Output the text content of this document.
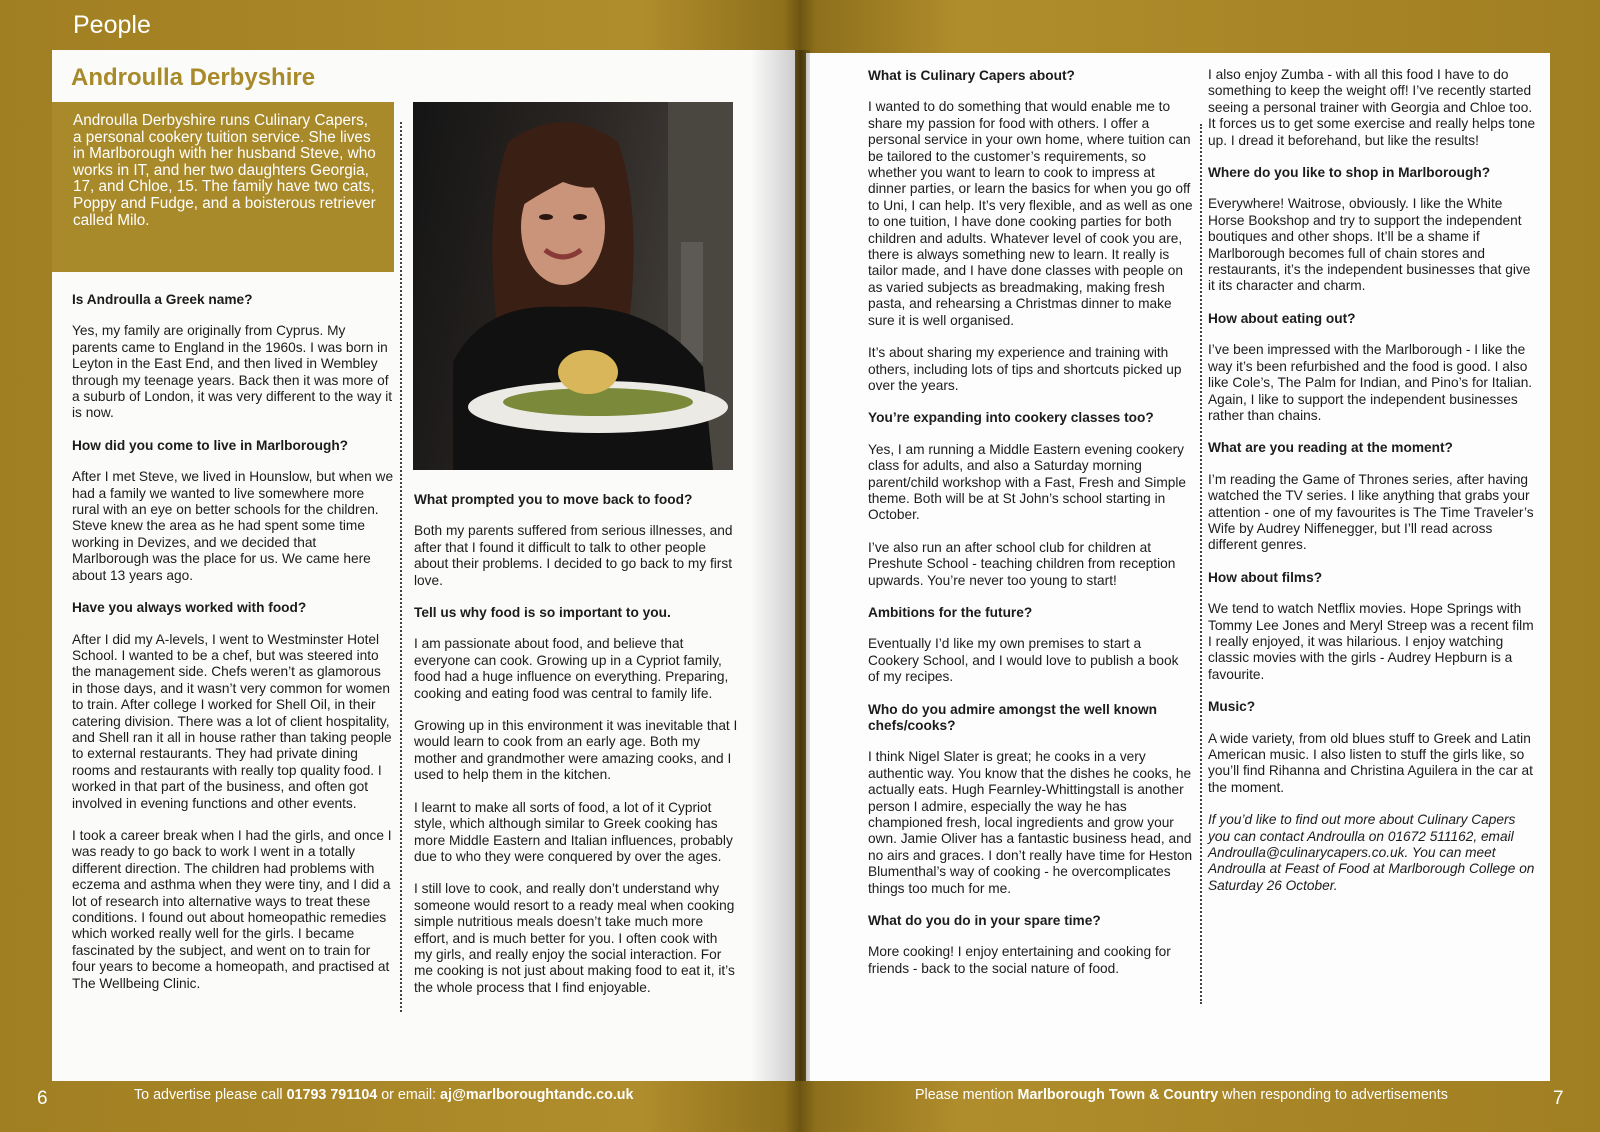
People
Androulla Derbyshire
Androulla Derbyshire runs Culinary Capers, a personal cookery tuition service. She lives in Marlborough with her husband Steve, who works in IT, and her two daughters Georgia, 17, and Chloe, 15. The family have two cats, Poppy and Fudge, and a boisterous retriever called Milo.
Is Androulla a Greek name?

Yes, my family are originally from Cyprus. My parents came to England in the 1960s. I was born in Leyton in the East End, and then lived in Wembley through my teenage years. Back then it was more of a suburb of London, it was very different to the way it is now.

How did you come to live in Marlborough?

After I met Steve, we lived in Hounslow, but when we had a family we wanted to live somewhere more rural with an eye on better schools for the children. Steve knew the area as he had spent some time working in Devizes, and we decided that Marlborough was the place for us. We came here about 13 years ago.

Have you always worked with food?

After I did my A-levels, I went to Westminster Hotel School. I wanted to be a chef, but was steered into the management side. Chefs weren’t as glamorous in those days, and it wasn’t very common for women to train. After college I worked for Shell Oil, in their catering division. There was a lot of client hospitality, and Shell ran it all in house rather than taking people to external restaurants. They had private dining rooms and restaurants with really top quality food. I worked in that part of the business, and often got involved in evening functions and other events.

I took a career break when I had the girls, and once I was ready to go back to work I went in a totally different direction. The children had problems with eczema and asthma when they were tiny, and I did a lot of research into alternative ways to treat these conditions. I found out about homeopathic remedies which worked really well for the girls. I became fascinated by the subject, and went on to train for four years to become a homeopath, and practised at The Wellbeing Clinic.

What prompted you to move back to food?

Both my parents suffered from serious illnesses, and after that I found it difficult to talk to other people about their problems. I decided to go back to my first love.

Tell us why food is so important to you.

I am passionate about food, and believe that everyone can cook. Growing up in a Cypriot family, food had a huge influence on everything. Preparing, cooking and eating food was central to family life.

Growing up in this environment it was inevitable that I would learn to cook from an early age. Both my mother and grandmother were amazing cooks, and I used to help them in the kitchen.

I learnt to make all sorts of food, a lot of it Cypriot style, which although similar to Greek cooking has more Middle Eastern and Italian influences, probably due to who they were conquered by over the ages.

I still love to cook, and really don’t understand why someone would resort to a ready meal when cooking simple nutritious meals doesn’t take much more effort, and is much better for you. I often cook with my girls, and really enjoy the social interaction. For me cooking is not just about making food to eat it, it’s the whole process that I find enjoyable.

What is Culinary Capers about?

I wanted to do something that would enable me to share my passion for food with others. I offer a personal service in your own home, where tuition can be tailored to the customer’s requirements, so whether you want to learn to cook to impress at dinner parties, or learn the basics for when you go off to Uni, I can help. It’s very flexible, and as well as one to one tuition, I have done cooking parties for both children and adults. Whatever level of cook you are, there is always something new to learn. It really is tailor made, and I have done classes with people on as varied subjects as breadmaking, making fresh pasta, and rehearsing a Christmas dinner to make sure it is well organised.

It’s about sharing my experience and training with others, including lots of tips and shortcuts picked up over the years.

You’re expanding into cookery classes too?

Yes, I am running a Middle Eastern evening cookery class for adults, and also a Saturday morning parent/child workshop with a Fast, Fresh and Simple theme. Both will be at St John’s school starting in October.

I’ve also run an after school club for children at Preshute School - teaching children from reception upwards. You’re never too young to start!

Ambitions for the future?

Eventually I’d like my own premises to start a Cookery School, and I would love to publish a book of my recipes.

Who do you admire amongst the well known chefs/cooks?

I think Nigel Slater is great; he cooks in a very authentic way. You know that the dishes he cooks, he actually eats. Hugh Fearnley-Whittingstall is another person I admire, especially the way he has championed fresh, local ingredients and grow your own. Jamie Oliver has a fantastic business head, and no airs and graces. I don’t really have time for Heston Blumenthal’s way of cooking - he overcomplicates things too much for me.

What do you do in your spare time?

More cooking! I enjoy entertaining and cooking for friends - back to the social nature of food.

I also enjoy Zumba - with all this food I have to do something to keep the weight off! I’ve recently started seeing a personal trainer with Georgia and Chloe too. It forces us to get some exercise and really helps tone up. I dread it beforehand, but like the results!

Where do you like to shop in Marlborough?

Everywhere! Waitrose, obviously. I like the White Horse Bookshop and try to support the independent boutiques and other shops. It’ll be a shame if Marlborough becomes full of chain stores and restaurants, it’s the independent businesses that give it its character and charm.

How about eating out?

I’ve been impressed with the Marlborough - I like the way it’s been refurbished and the food is good. I also like Cole’s, The Palm for Indian, and Pino’s for Italian. Again, I like to support the independent businesses rather than chains.

What are you reading at the moment?

I’m reading the Game of Thrones series, after having watched the TV series. I like anything that grabs your attention - one of my favourites is The Time Traveler’s Wife by Audrey Niffenegger, but I’ll read across different genres.

How about films?

We tend to watch Netflix movies. Hope Springs with Tommy Lee Jones and Meryl Streep was a recent film I really enjoyed, it was hilarious. I enjoy watching classic movies with the girls - Audrey Hepburn is a favourite.

Music?

A wide variety, from old blues stuff to Greek and Latin American music. I also listen to stuff the girls like, so you’ll find Rihanna and Christina Aguilera in the car at the moment.

If you’d like to find out more about Culinary Capers you can contact Androulla on 01672 511162, email Androulla@culinarycapers.co.uk. You can meet Androulla at Feast of Food at Marlborough College on Saturday 26 October.

6	7
To advertise please call 01793 791104 or email: aj@marlboroughtandc.co.uk	Please mention Marlborough Town & Country when responding to advertisements
